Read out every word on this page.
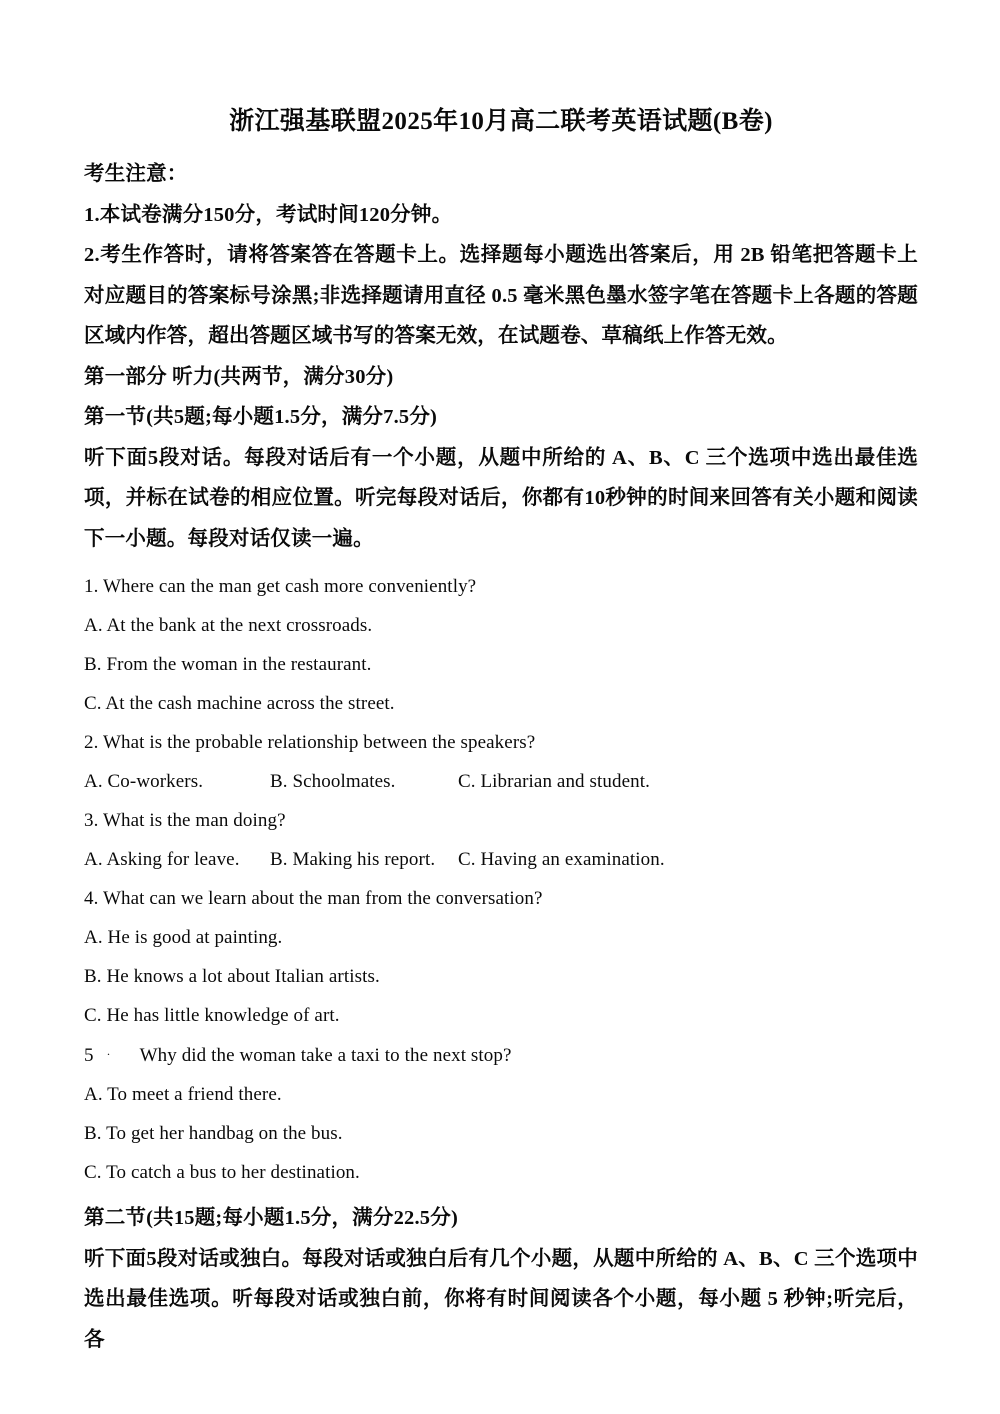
浙江强基联盟2025年10月高二联考英语试题(B卷)

考生注意：

1.本试卷满分150分，考试时间120分钟。

2.考生作答时，请将答案答在答题卡上。选择题每小题选出答案后，用 2B 铅笔把答题卡上对应题目的答案标号涂黑;非选择题请用直径 0.5 毫米黑色墨水签字笔在答题卡上各题的答题区域内作答，超出答题区域书写的答案无效，在试题卷、草稿纸上作答无效。

第一部分 听力(共两节，满分30分)

第一节(共5题;每小题1.5分，满分7.5分)

听下面5段对话。每段对话后有一个小题，从题中所给的 A、B、C 三个选项中选出最佳选项，并标在试卷的相应位置。听完每段对话后，你都有10秒钟的时间来回答有关小题和阅读下一小题。每段对话仅读一遍。

1. Where can the man get cash more conveniently?

A. At the bank at the next crossroads.

B. From the woman in the restaurant.

C. At the cash machine across the street.

2. What is the probable relationship between the speakers?

A. Co-workers.	B. Schoolmates.	C. Librarian and student.

3. What is the man doing?

A. Asking for leave. B. Making his report. C. Having an examination.

4. What can we learn about the man from the conversation?

A. He is good at painting.

B. He knows a lot about Italian artists.

C. He has little knowledge of art.

5 · Why did the woman take a taxi to the next stop?

A. To meet a friend there.

B. To get her handbag on the bus.

C. To catch a bus to her destination.

第二节(共15题;每小题1.5分，满分22.5分)

听下面5段对话或独白。每段对话或独白后有几个小题，从题中所给的 A、B、C 三个选项中选出最佳选项。听每段对话或独白前，你将有时间阅读各个小题，每小题 5 秒钟;听完后，各
